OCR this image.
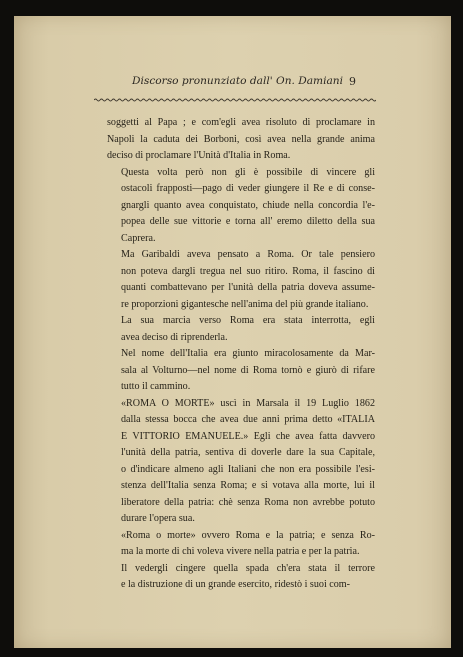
Discorso pronunziato dall' On. Damiani 9
soggetti al Papa ; e com'egli avea risoluto di proclamare in
Napoli la caduta dei Borboni, così avea nella grande anima
deciso di proclamare l'Unità d'Italia in Roma.
Questa volta però non gli è possibile di vincere gli
ostacoli frapposti—pago di veder giungere il Re e di conse-
gnargli quanto avea conquistato, chiude nella concordia l'e-
popea delle sue vittorie e torna all' eremo diletto della sua
Caprera.
Ma Garibaldi aveva pensato a Roma. Or tale pensiero
non poteva dargli tregua nel suo ritiro. Roma, il fascino di
quanti combattevano per l'unità della patria doveva assume-
re proporzioni gigantesche nell'anima del più grande italiano.
La sua marcia verso Roma era stata interrotta, egli
avea deciso di riprenderla.
Nel nome dell'Italia era giunto miracolosamente da Mar-
sala al Volturno—nel nome di Roma tornò e giurò di rifare
tutto il cammino.
«ROMA O MORTE» uscì in Marsala il 19 Luglio 1862
dalla stessa bocca che avea due anni prima detto «ITALIA
E VITTORIO EMANUELE.» Egli che avea fatta davvero
l'unità della patria, sentiva di doverle dare la sua Capitale,
o d'indicare almeno agli Italiani che non era possibile l'esi-
stenza dell'Italia senza Roma; e si votava alla morte, lui il
liberatore della patria: chè senza Roma non avrebbe potuto
durare l'opera sua.
«Roma o morte» ovvero Roma e la patria; e senza Ro-
ma la morte di chi voleva vivere nella patria e per la patria.
Il vedergli cingere quella spada ch'era stata il terrore
e la distruzione di un grande esercito, ridestò i suoi com-
